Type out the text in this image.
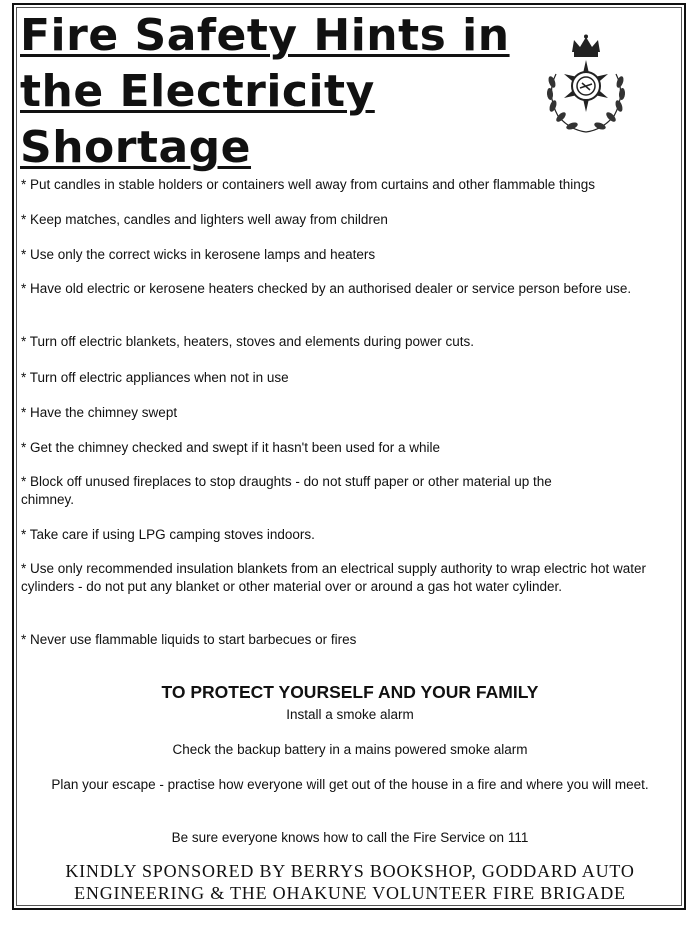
Fire Safety Hints in
the Electricity
Shortage
* Put candles in stable holders or containers well away from curtains and other flammable things
* Keep matches, candles and lighters well away from children
* Use only the correct wicks in kerosene lamps and heaters
* Have old electric or kerosene heaters checked by an authorised dealer or service person before use.
* Turn off electric blankets, heaters, stoves and elements during power cuts.
* Turn off electric appliances when not in use
* Have the chimney swept
* Get the chimney checked and swept if it hasn't been used for a while
* Block off unused fireplaces to stop draughts - do not stuff paper or other material up the chimney.
* Take care if using LPG camping stoves indoors.
* Use only recommended insulation blankets from an electrical supply authority to wrap electric hot water cylinders - do not put any blanket or other material over or around a gas hot water cylinder.
* Never use flammable liquids to start barbecues or fires
TO PROTECT YOURSELF AND YOUR FAMILY
Install a smoke alarm
Check the backup battery in a mains powered smoke alarm
Plan your escape - practise how everyone will get out of the house in a fire and where you will meet.
Be sure everyone knows how to call the Fire Service on 111
KINDLY SPONSORED BY BERRYS BOOKSHOP, GODDARD AUTO
ENGINEERING & THE OHAKUNE VOLUNTEER FIRE BRIGADE
